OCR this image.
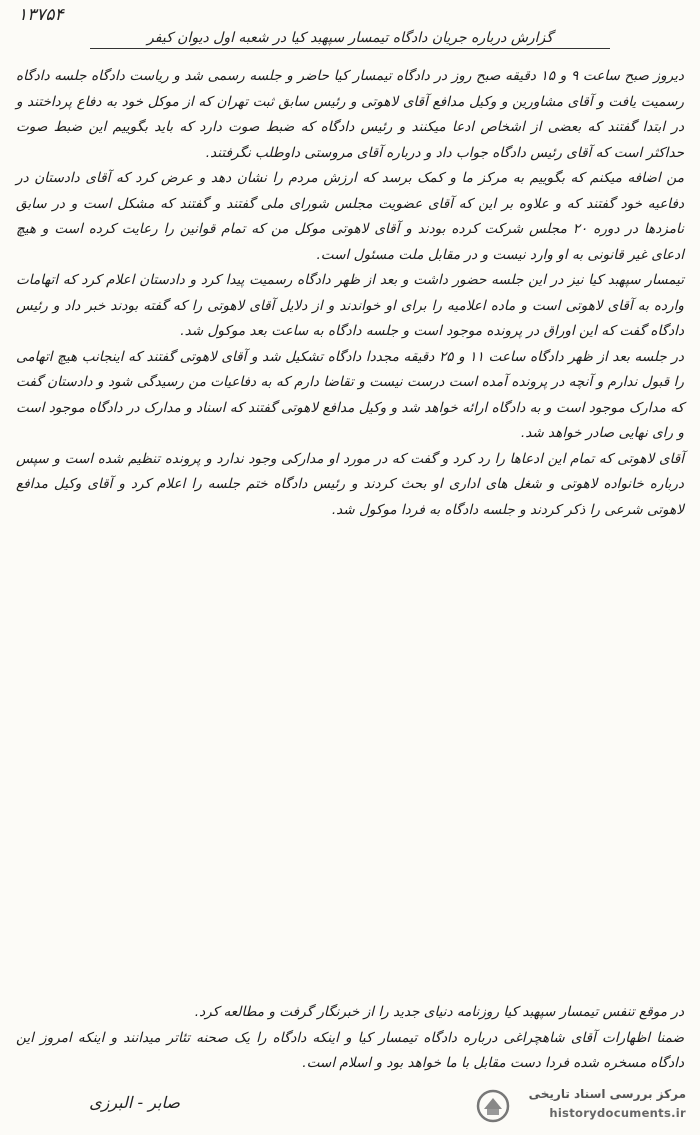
۱۳۷۵۴
گزارش درباره جریان دادگاه تیمسار سپهبد کیا در شعبه اول دیوان کیفر

دیروز صبح ساعت ۹ و ۱۵ دقیقه صبح روز در دادگاه تیمسار کیا حاضر و جلسه رسمی شد و ریاست دادگاه جلسه دادگاه رسمیت یافت و آقای مشاورین و وکیل مدافع آقای لاهوتی و رئیس سابق ثبت تهران که از موکل خود به دفاع پرداختند و در ابتدا گفتند که بعضی از اشخاص ادعا میکنند و رئیس دادگاه که ضبط صوت دارد که باید بگوییم این ضبط صوت حداکثر است که آقای رئیس دادگاه جواب داد و درباره آقای مروستی داوطلب نگرفتند.

من اضافه میکنم که بگوییم به مرکز ما و کمک برسد که ارزش مردم را نشان دهد و عرض کرد که آقای دادستان در دفاعیه خود گفتند که و علاوه بر این که آقای عضویت مجلس شورای ملی گفتند و گفتند که مشکل است و در سابق نامزدها در دوره ۲۰ مجلس شرکت کرده بودند و آقای لاهوتی موکل من که تمام قوانین را رعایت کرده است و هیچ ادعای غیر قانونی به او وارد نیست و در مقابل ملت مسئول است.

تیمسار سپهبد کیا نیز در این جلسه حضور داشت و بعد از ظهر دادگاه رسمیت پیدا کرد و دادستان اعلام کرد که اتهامات وارده به آقای لاهوتی است و ماده اعلامیه را برای او خواندند و از دلایل آقای لاهوتی را که گفته بودند خبر داد و رئیس دادگاه گفت که این اوراق در پرونده موجود است و جلسه دادگاه به ساعت بعد موکول شد.

در جلسه بعد از ظهر دادگاه ساعت ۱۱ و ۲۵ دقیقه مجددا دادگاه تشکیل شد و آقای لاهوتی گفتند که اینجانب هیچ اتهامی را قبول ندارم و آنچه در پرونده آمده است درست نیست و تقاضا دارم که به دفاعیات من رسیدگی شود و دادستان گفت که مدارک موجود است و به دادگاه ارائه خواهد شد و وکیل مدافع لاهوتی گفتند که اسناد و مدارک در دادگاه موجود است و رای نهایی صادر خواهد شد.

آقای لاهوتی که تمام این ادعاها را رد کرد و گفت که در مورد او مدارکی وجود ندارد و پرونده تنظیم شده است و سپس درباره خانواده لاهوتی و شغل های اداری او بحث کردند و رئیس دادگاه ختم جلسه را اعلام کرد و آقای وکیل مدافع لاهوتی شرعی را ذکر کردند و جلسه دادگاه به فردا موکول شد.

در موقع تنفس تیمسار سپهبد کیا روزنامه دنیای جدید را از خبرنگار گرفت و مطالعه کرد.

ضمنا اظهارات آقای شاهچراغی درباره دادگاه تیمسار کیا و اینکه دادگاه را یک صحنه تئاتر میدانند و اینکه امروز این دادگاه مسخره شده فردا دست مقابل با ما خواهد بود و اسلام است.

صابر - البرزی	مرکز بررسی اسناد تاریخی
historydocuments.ir
